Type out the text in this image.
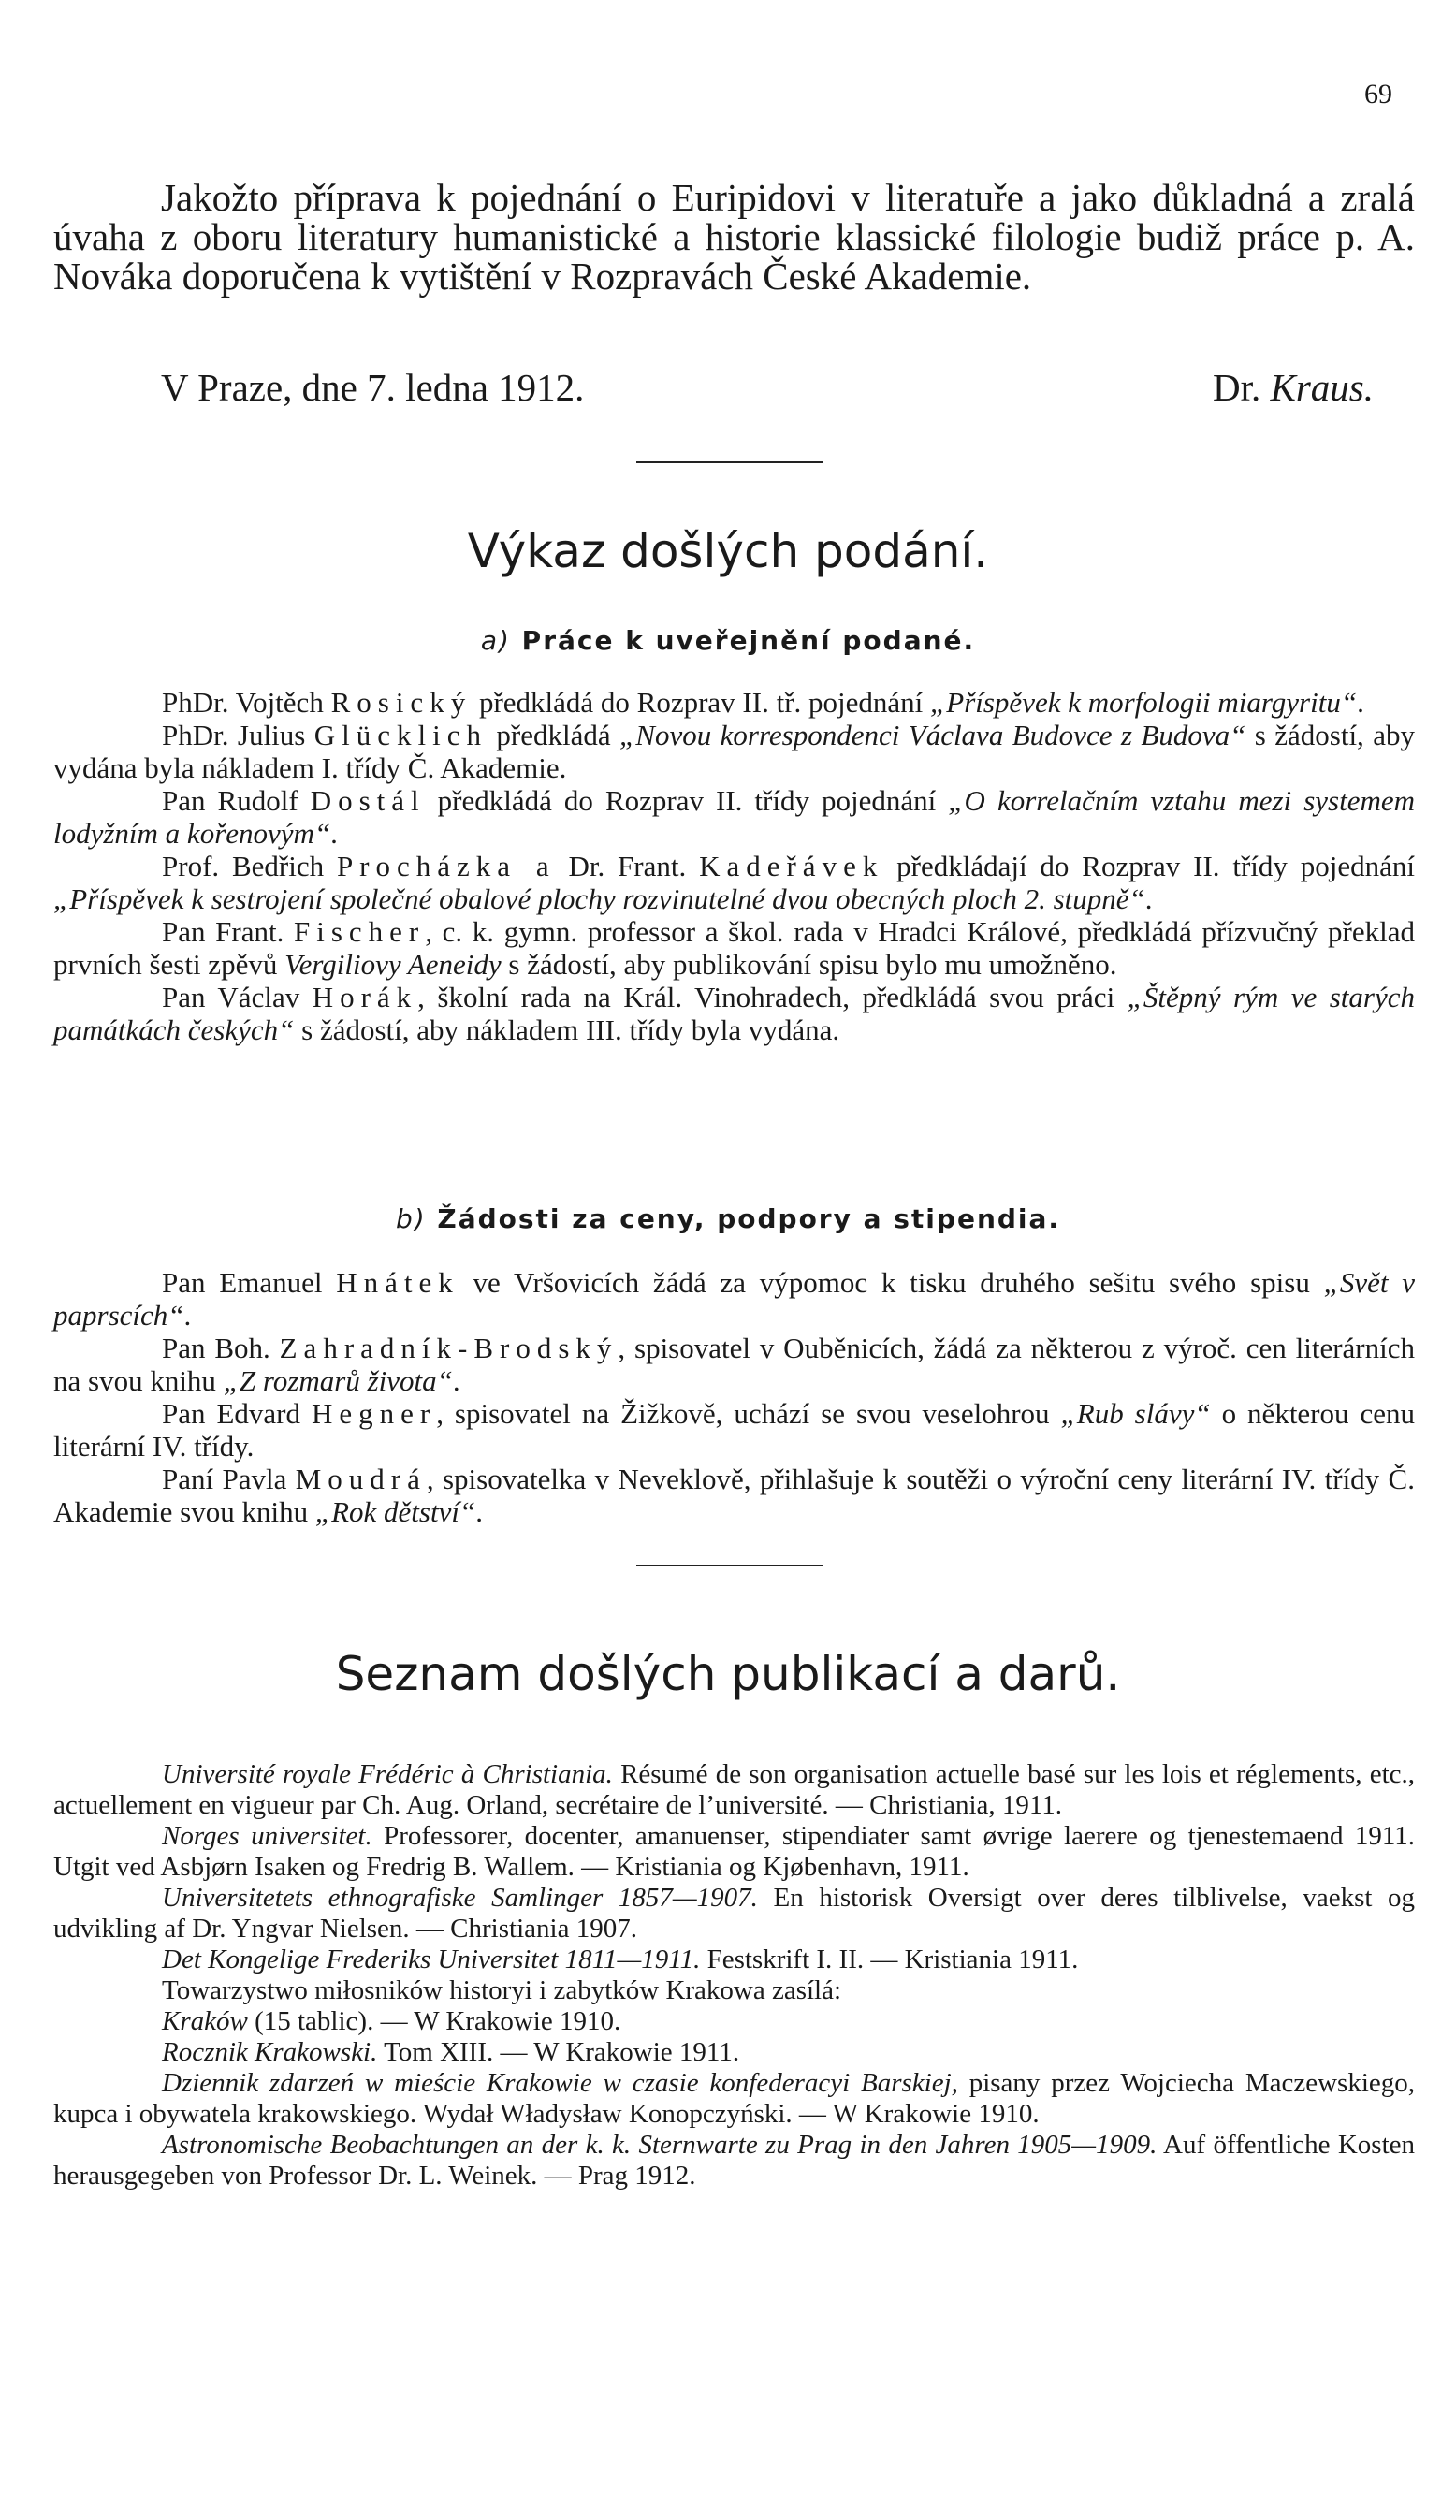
69

Jakožto příprava k pojednání o Euripidovi v literatuře a jako důkladná a zralá úvaha z oboru literatury humanistické a historie klassické filologie budiž práce p. A. Nováka doporučena k vytištění v Rozpravách České Akademie.

V Praze, dne 7. ledna 1912.	Dr. Kraus.
Výkaz došlých podání.
a) Práce k uveřejnění podané.

PhDr. Vojtěch Rosický předkládá do Rozprav II. tř. pojednání „Příspěvek k morfologii miargyritu“.

PhDr. Julius Glücklich předkládá „Novou korrespondenci Václava Budovce z Budova“ s žádostí, aby vydána byla nákladem I. třídy Č. Akademie.

Pan Rudolf Dostál předkládá do Rozprav II. třídy pojednání „O korrelačním vztahu mezi systemem lodyžním a kořenovým“.

Prof. Bedřich Procházka a Dr. Frant. Kadeřávek předkládají do Rozprav II. třídy pojednání „Příspěvek k sestrojení společné obalové plochy rozvinutelné dvou obecných ploch 2. stupně“.

Pan Frant. Fischer, c. k. gymn. professor a škol. rada v Hradci Králové, předkládá přízvučný překlad prvních šesti zpěvů Vergiliovy Aeneidy s žádostí, aby publikování spisu bylo mu umožněno.

Pan Václav Horák, školní rada na Král. Vinohradech, předkládá svou práci „Štěpný rým ve starých památkách českých“ s žádostí, aby nákladem III. třídy byla vydána.

b) Žádosti za ceny, podpory a stipendia.

Pan Emanuel Hnátek ve Vršovicích žádá za výpomoc k tisku druhého sešitu svého spisu „Svět v paprscích“.

Pan Boh. Zahradník-Brodský, spisovatel v Ouběnicích, žádá za některou z výroč. cen literárních na svou knihu „Z rozmarů života“.

Pan Edvard Hegner, spisovatel na Žižkově, uchází se svou veselohrou „Rub slávy“ o některou cenu literární IV. třídy.

Paní Pavla Moudrá, spisovatelka v Neveklově, přihlašuje k soutěži o výroční ceny literární IV. třídy Č. Akademie svou knihu „Rok dětství“.

Seznam došlých publikací a darů.

Université royale Frédéric à Christiania. Résumé de son organisation actuelle basé sur les lois et réglements, etc., actuellement en vigueur par Ch. Aug. Orland, secrétaire de l’université. — Christiania, 1911.

Norges universitet. Professorer, docenter, amanuenser, stipendiater samt øvrige laerere og tjenestemaend 1911. Utgit ved Asbjørn Isaken og Fredrig B. Wallem. — Kristiania og Kjøbenhavn, 1911.

Universitetets ethnografiske Samlinger 1857—1907. En historisk Oversigt over deres tilblivelse, vaekst og udvikling af Dr. Yngvar Nielsen. — Christiania 1907.

Det Kongelige Frederiks Universitet 1811—1911. Festskrift I. II. — Kristiania 1911.

Towarzystwo miłosników historyi i zabytków Krakowa zasílá:

Kraków (15 tablic). — W Krakowie 1910.

Rocznik Krakowski. Tom XIII. — W Krakowie 1911.

Dziennik zdarzeń w mieście Krakowie w czasie konfederacyi Barskiej, pisany przez Wojciecha Maczewskiego, kupca i obywatela krakowskiego. Wydał Władysław Konopczyński. — W Krakowie 1910.

Astronomische Beobachtungen an der k. k. Sternwarte zu Prag in den Jahren 1905—1909. Auf öffentliche Kosten herausgegeben von Professor Dr. L. Weinek. — Prag 1912.
